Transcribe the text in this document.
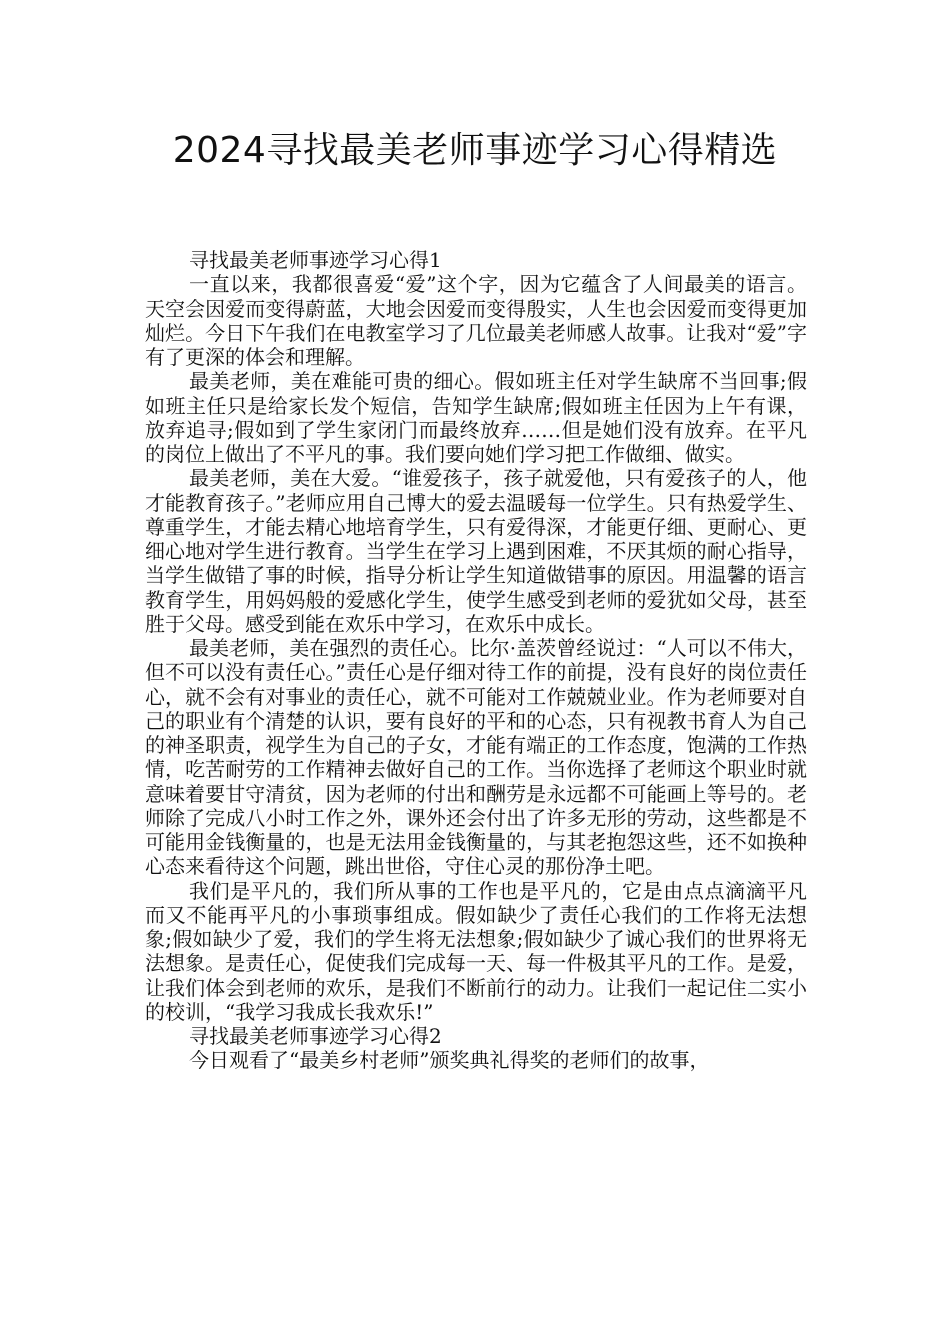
2024寻找最美老师事迹学习心得精选

寻找最美老师事迹学习心得1

一直以来，我都很喜爱“爱”这个字，因为它蕴含了人间最美的语言。天空会因爱而变得蔚蓝，大地会因爱而变得殷实，人生也会因爱而变得更加灿烂。今日下午我们在电教室学习了几位最美老师感人故事。让我对“爱”字有了更深的体会和理解。

最美老师，美在难能可贵的细心。假如班主任对学生缺席不当回事;假如班主任只是给家长发个短信，告知学生缺席;假如班主任因为上午有课，放弃追寻;假如到了学生家闭门而最终放弃……但是她们没有放弃。在平凡的岗位上做出了不平凡的事。我们要向她们学习把工作做细、做实。

最美老师，美在大爱。“谁爱孩子，孩子就爱他，只有爱孩子的人，他才能教育孩子。”老师应用自己博大的爱去温暖每一位学生。只有热爱学生、尊重学生，才能去精心地培育学生，只有爱得深，才能更仔细、更耐心、更细心地对学生进行教育。当学生在学习上遇到困难，不厌其烦的耐心指导，当学生做错了事的时候，指导分析让学生知道做错事的原因。用温馨的语言教育学生，用妈妈般的爱感化学生，使学生感受到老师的爱犹如父母，甚至胜于父母。感受到能在欢乐中学习，在欢乐中成长。

最美老师，美在强烈的责任心。比尔·盖茨曾经说过：“人可以不伟大，但不可以没有责任心。”责任心是仔细对待工作的前提，没有良好的岗位责任心，就不会有对事业的责任心，就不可能对工作兢兢业业。作为老师要对自己的职业有个清楚的认识，要有良好的平和的心态，只有视教书育人为自己的神圣职责，视学生为自己的子女，才能有端正的工作态度，饱满的工作热情，吃苦耐劳的工作精神去做好自己的工作。当你选择了老师这个职业时就意味着要甘守清贫，因为老师的付出和酬劳是永远都不可能画上等号的。老师除了完成八小时工作之外，课外还会付出了许多无形的劳动，这些都是不可能用金钱衡量的，也是无法用金钱衡量的，与其老抱怨这些，还不如换种心态来看待这个问题，跳出世俗，守住心灵的那份净土吧。

我们是平凡的，我们所从事的工作也是平凡的，它是由点点滴滴平凡而又不能再平凡的小事琐事组成。假如缺少了责任心我们的工作将无法想象;假如缺少了爱，我们的学生将无法想象;假如缺少了诚心我们的世界将无法想象。是责任心，促使我们完成每一天、每一件极其平凡的工作。是爱，让我们体会到老师的欢乐，是我们不断前行的动力。让我们一起记住二实小的校训，“我学习我成长我欢乐!”

寻找最美老师事迹学习心得2

今日观看了“最美乡村老师”颁奖典礼得奖的老师们的故事，
